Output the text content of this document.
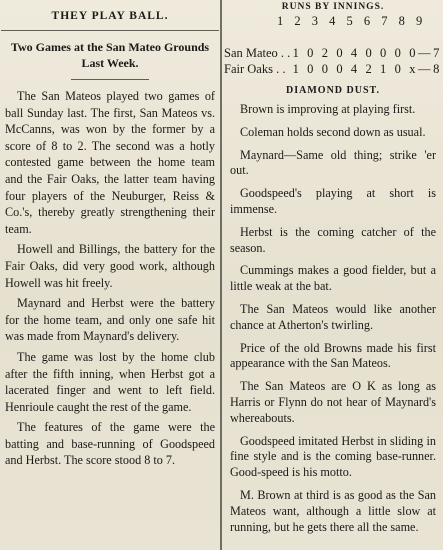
THEY PLAY BALL.
Two Games at the San Mateo Grounds Last Week.

The San Mateos played two games of ball Sunday last. The first, San Mateos vs. McCanns, was won by the former by a score of 8 to 2. The second was a hotly contested game between the home team and the Fair Oaks, the latter team having four players of the Neuburger, Reiss & Co.'s, thereby greatly strengthening their team.

Howell and Billings, the battery for the Fair Oaks, did very good work, although Howell was hit freely.

Maynard and Herbst were the battery for the home team, and only one safe hit was made from Maynard's delivery.

The game was lost by the home club after the fifth inning, when Herbst got a lacerated finger and went to left field. Henrioule caught the rest of the game.

The features of the game were the batting and base-running of Goodspeed and Herbst. The score stood 8 to 7.

RUNS BY INNINGS.
1 2 3 4 5 6 7 8 9
San Mateo . . 1 0 2 0 4 0 0 0 0—7
Fair Oaks . . 1 0 0 0 4 2 1 0 x—8
DIAMOND DUST.

Brown is improving at playing first.

Coleman holds second down as usual.

Maynard—Same old thing; strike 'er out.

Goodspeed's playing at short is immense.

Herbst is the coming catcher of the season.

Cummings makes a good fielder, but a little weak at the bat.

The San Mateos would like another chance at Atherton's twirling.

Price of the old Browns made his first appearance with the San Mateos.

The San Mateos are O K as long as Harris or Flynn do not hear of Maynard's whereabouts.

Goodspeed imitated Herbst in sliding in fine style and is the coming base-runner. Good-speed is his motto.

M. Brown at third is as good as the San Mateos want, although a little slow at running, but he gets there all the same.
